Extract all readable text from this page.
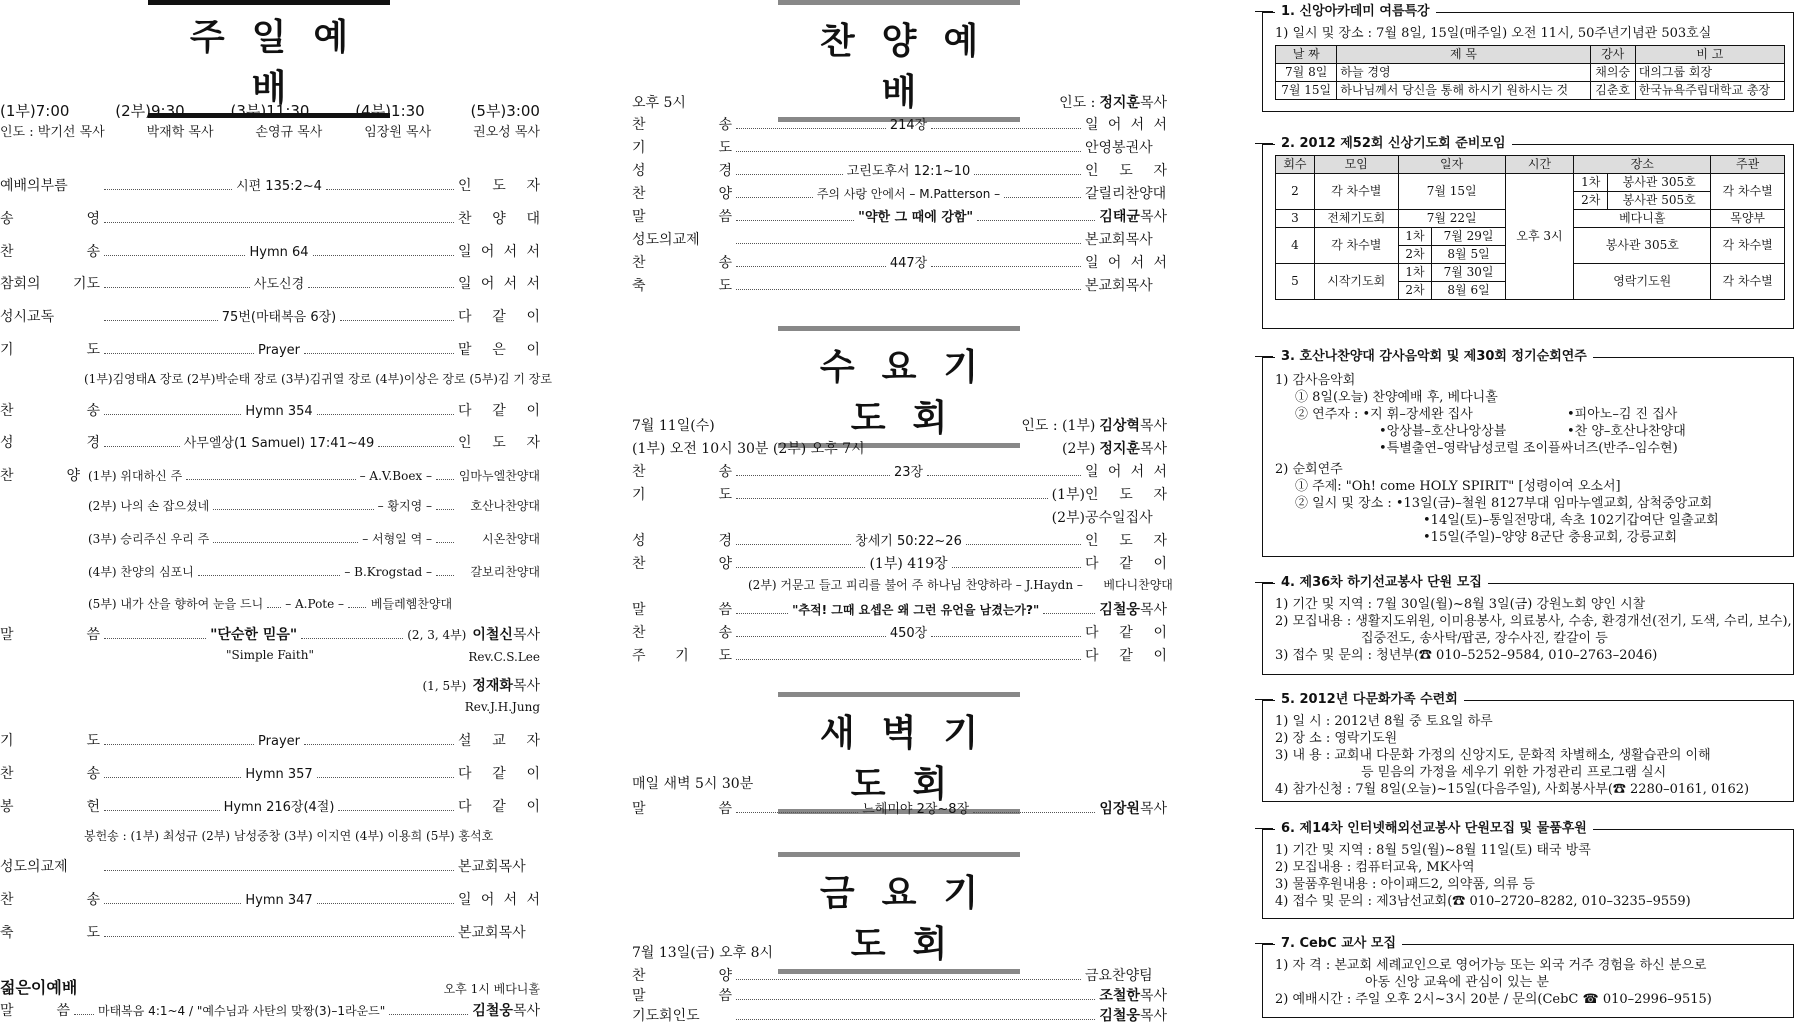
주일예배
(1부)7:00	(2부)9:30	(3부)11:30	(4부)1:30	(5부)3:00
인도 : 박기선 목사	박재학 목사	손영규 목사	임장원 목사	권오성 목사
예배의부름	시편 135:2~4	인 도 자
송 영	찬 양 대
찬 송	Hymn 64	일 어 서 서
참회의 기도	사도신경	일 어 서 서
성시교독	75번(마태복음 6장)	다 같 이
기 도	Prayer	맡 은 이
(1부)김영태A 장로 (2부)박순태 장로 (3부)김귀열 장로 (4부)이상은 장로 (5부)김 기 장로
찬 송	Hymn 354	다 같 이
성 경	사무엘상(1 Samuel) 17:41~49	인 도 자
찬 양 (1부) 위대하신 주	– A.V.Boex – 임마누엘찬양대
(2부) 나의 손 잡으셨네	– 황지영 –	호산나찬양대
(3부) 승리주신 우리 주	– 서형일 역 –	시온찬양대
(4부) 찬양의 심포니	– B.Krogstad –	갈보리찬양대
(5부) 내가 산을 향하여 눈을 드니 – A.Pote – 베들레헴찬양대
말 씀	"단순한 믿음"	(2, 3, 4부) 이철신 목사
"Simple Faith"	Rev.C.S.Lee
(1, 5부) 정재화 목사
Rev.J.H.Jung
기 도	Prayer	설 교 자
찬 송	Hymn 357	다 같 이
봉 헌	Hymn 216장(4절)	다 같 이
봉헌송 : (1부) 최성규 (2부) 남성중창 (3부) 이지연 (4부) 이용희 (5부) 홍석호
성도의교제	본교회목사
찬 송	Hymn 347	일 어 서 서
축 도	본교회목사
젊은이예배	오후 1시 베다니홀
말 씀 마태복음 4:1~4 / "예수님과 사탄의 맞짱(3)–1라운드"	김철웅 목사
찬양예배
오후 5시	인도 : 정지훈 목사
찬 송	214장	일 어 서 서
기 도	안영봉권사
성 경	고린도후서 12:1~10	인 도 자
찬 양	주의 사랑 안에서 – M.Patterson –	갈릴리찬양대
말 씀	"약한 그 때에 강함"	김태균 목사
성도의교제	본교회목사
찬 송	447장	일 어 서 서
축 도	본교회목사
수요기도회
7월 11일(수)	인도 : (1부) 김상혁 목사
(1부) 오전 10시 30분 (2부) 오후 7시	(2부) 정지훈 목사
찬 송	23장	일 어 서 서
기 도	(1부) 인 도 자
(2부) 공수일집사
성 경	창세기 50:22~26	인 도 자
찬 양	(1부) 419장	다 같 이
(2부) 거문고 들고 피리를 불어 주 하나님 찬양하라 – J.Haydn –	베다니찬양대
말 씀	"추적! 그때 요셉은 왜 그런 유언을 남겼는가?"	김철웅 목사
찬 송	450장	다 같 이
주 기 도	다 같 이
새벽기도회
매일 새벽 5시 30분
말 씀	느헤미야 2장~8장	임장원 목사
금요기도회
7월 13일(금) 오후 8시
찬 양	금요찬양팀
말 씀	조철한 목사
기도회인도	김철웅 목사
1. 신앙아카데미 여름특강
1) 일시 및 장소 : 7월 8일, 15일(매주일) 오전 11시, 50주년기념관 503호실
날 짜	제 목	강사	비 고
7월 8일	하늘 경영	채의숭	대의그룹 회장
7월 15일	하나님께서 당신을 통해 하시기 원하시는 것	김춘호	한국뉴욕주립대학교 총장
2. 2012 제52회 신상기도회 준비모임
회수	모임	일자		시간	장소		주관
2	각 차수별	7월 15일		오후 3시	1차	봉사관 305호	각 차수별
					2차	봉사관 505호	
3	전체기도회	7월 22일			베다니홀		목양부
4	각 차수별	1차	7월 29일		봉사관 305호		각 차수별
		2차	8월 5일				
5	시작기도회	1차	7월 30일		영락기도원		각 차수별
		2차	8월 6일				
3. 호산나찬양대 감사음악회 및 제30회 정기순회연주
1) 감사음악회
① 8일(오늘) 찬양예배 후, 베다니홀
② 연주자 : •지 휘–장세완 집사	•피아노–김 진 집사
•앙상블–호산나앙상블	•찬 양–호산나찬양대
•특별출연–영락남성코럴 조이플싸너즈(반주–임수현)
2) 순회연주
① 주제: "Oh! come HOLY SPIRIT" [성령이여 오소서]
② 일시 및 장소 : •13일(금)–철원 8127부대 임마누엘교회, 삼척중앙교회
•14일(토)–통일전망대, 속초 102기갑여단 일출교회
•15일(주일)–양양 8군단 충용교회, 강릉교회
4. 제36차 하기선교봉사 단원 모집
1) 기간 및 지역 : 7월 30일(월)~8월 3일(금) 강원노회 양인 시찰
2) 모집내용 : 생활지도위원, 이미용봉사, 의료봉사, 수송, 환경개선(전기, 도색, 수리, 보수),
집중전도, 송사탁/팝콘, 장수사진, 칼갈이 등
3) 접수 및 문의 : 청년부(☎ 010–5252–9584, 010–2763–2046)
5. 2012년 다문화가족 수련회
1) 일 시 : 2012년 8월 중 토요일 하루
2) 장 소 : 영락기도원
3) 내 용 : 교회내 다문화 가정의 신앙지도, 문화적 차별해소, 생활습관의 이해
등 믿음의 가정을 세우기 위한 가정관리 프로그램 실시
4) 참가신청 : 7월 8일(오늘)~15일(다음주일), 사회봉사부(☎ 2280–0161, 0162)
6. 제14차 인터넷해외선교봉사 단원모집 및 물품후원
1) 기간 및 지역 : 8월 5일(월)~8월 11일(토) 태국 방콕
2) 모집내용 : 컴퓨터교육, MK사역
3) 물품후원내용 : 아이패드2, 의약품, 의류 등
4) 접수 및 문의 : 제3남선교회(☎ 010–2720–8282, 010–3235–9559)
7. CebC 교사 모집
1) 자 격 : 본교회 세례교인으로 영어가능 또는 외국 거주 경험을 하신 분으로
아동 신앙 교육에 관심이 있는 분
2) 예배시간 : 주일 오후 2시~3시 20분 / 문의(CebC ☎ 010–2996–9515)
